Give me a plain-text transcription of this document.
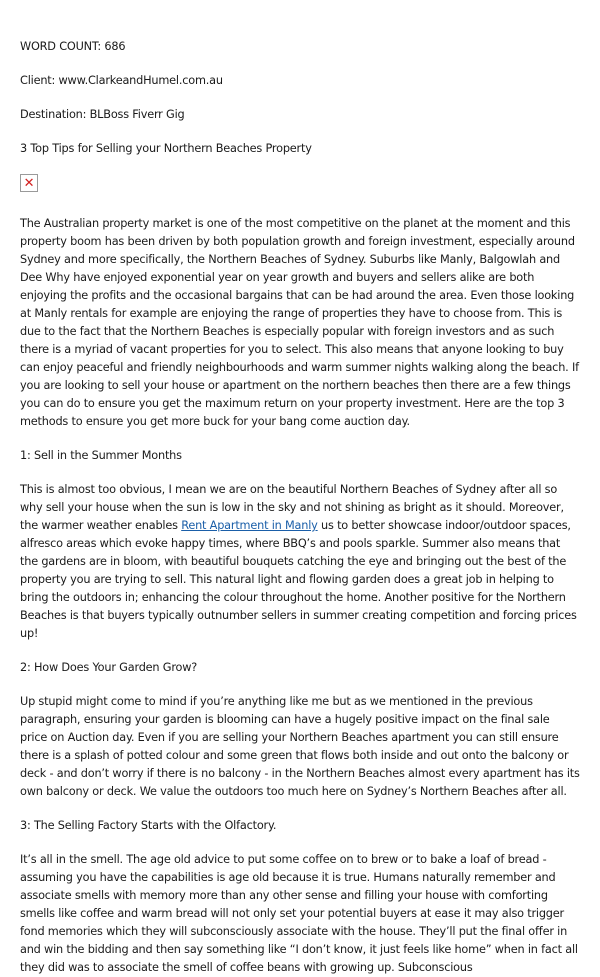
WORD COUNT: 686
Client: www.ClarkeandHumel.com.au
Destination: BLBoss Fiverr Gig
3 Top Tips for Selling your Northern Beaches Property
✕

The Australian property market is one of the most competitive on the planet at the moment and this property boom has been driven by both population growth and foreign investment, especially around Sydney and more specifically, the Northern Beaches of Sydney. Suburbs like Manly, Balgowlah and Dee Why have enjoyed exponential year on year growth and buyers and sellers alike are both enjoying the profits and the occasional bargains that can be had around the area. Even those looking at Manly rentals for example are enjoying the range of properties they have to choose from. This is due to the fact that the Northern Beaches is especially popular with foreign investors and as such there is a myriad of vacant properties for you to select. This also means that anyone looking to buy can enjoy peaceful and friendly neighbourhoods and warm summer nights walking along the beach. If you are looking to sell your house or apartment on the northern beaches then there are a few things you can do to ensure you get the maximum return on your property investment. Here are the top 3 methods to ensure you get more buck for your bang come auction day.

1: Sell in the Summer Months

This is almost too obvious, I mean we are on the beautiful Northern Beaches of Sydney after all so why sell your house when the sun is low in the sky and not shining as bright as it should. Moreover, the warmer weather enables Rent Apartment in Manly us to better showcase indoor/outdoor spaces, alfresco areas which evoke happy times, where BBQ’s and pools sparkle. Summer also means that the gardens are in bloom, with beautiful bouquets catching the eye and bringing out the best of the property you are trying to sell. This natural light and flowing garden does a great job in helping to bring the outdoors in; enhancing the colour throughout the home. Another positive for the Northern Beaches is that buyers typically outnumber sellers in summer creating competition and forcing prices up!

2: How Does Your Garden Grow?

Up stupid might come to mind if you’re anything like me but as we mentioned in the previous paragraph, ensuring your garden is blooming can have a hugely positive impact on the final sale price on Auction day. Even if you are selling your Northern Beaches apartment you can still ensure there is a splash of potted colour and some green that flows both inside and out onto the balcony or deck - and don’t worry if there is no balcony - in the Northern Beaches almost every apartment has its own balcony or deck. We value the outdoors too much here on Sydney’s Northern Beaches after all.

3: The Selling Factory Starts with the Olfactory.

It’s all in the smell. The age old advice to put some coffee on to brew or to bake a loaf of bread - assuming you have the capabilities is age old because it is true. Humans naturally remember and associate smells with memory more than any other sense and filling your house with comforting smells like coffee and warm bread will not only set your potential buyers at ease it may also trigger fond memories which they will subconsciously associate with the house. They’ll put the final offer in and win the bidding and then say something like “I don’t know, it just feels like home” when in fact all they did was to associate the smell of coffee beans with growing up. Subconscious
